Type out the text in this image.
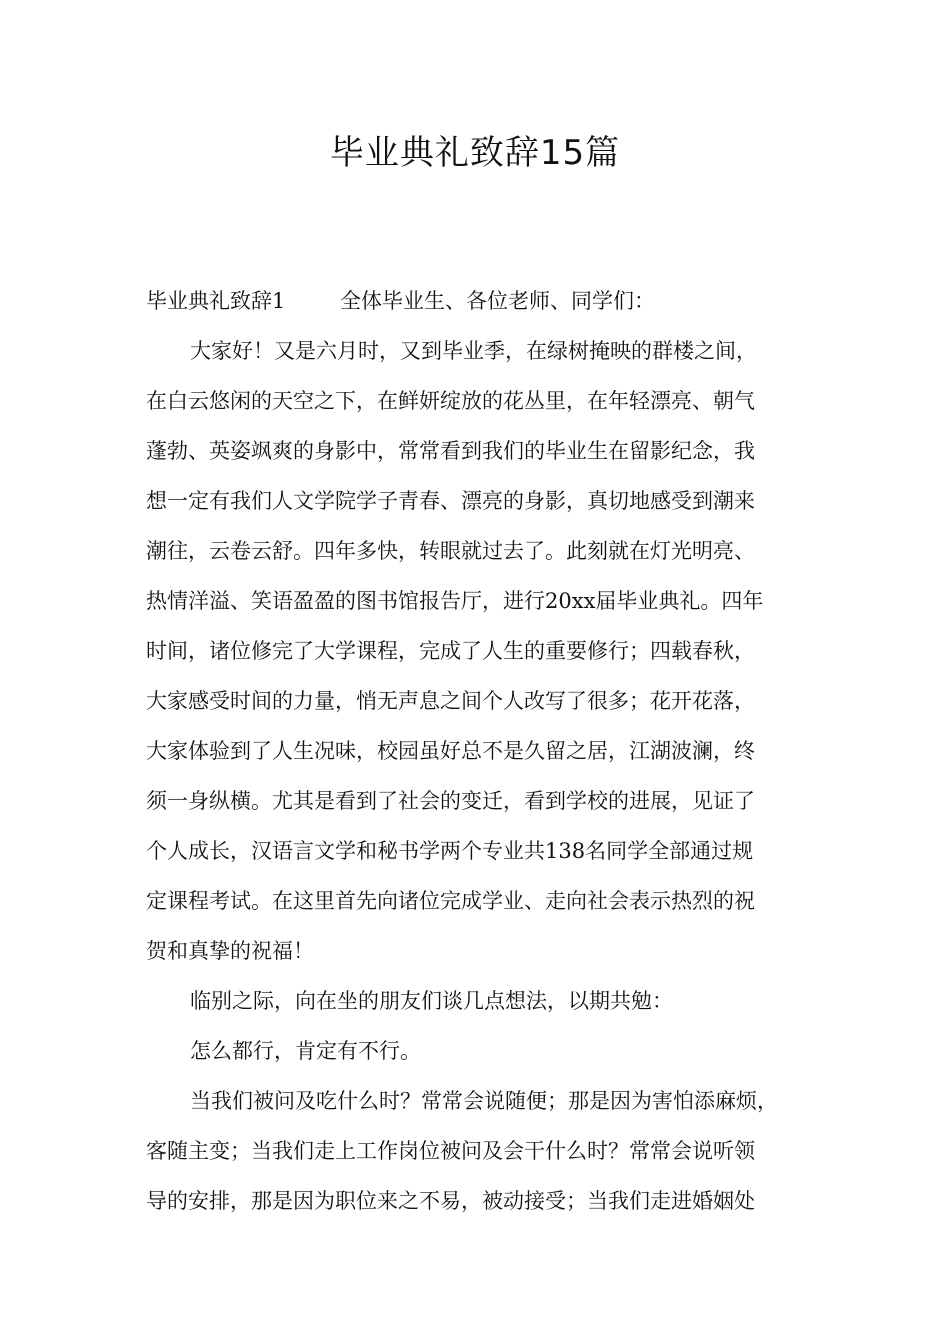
毕业典礼致辞15篇
毕业典礼致辞1	全体毕业生、各位老师、同学们：
大家好！又是六月时，又到毕业季，在绿树掩映的群楼之间，
在白云悠闲的天空之下，在鲜妍绽放的花丛里，在年轻漂亮、朝气
蓬勃、英姿飒爽的身影中，常常看到我们的毕业生在留影纪念，我
想一定有我们人文学院学子青春、漂亮的身影，真切地感受到潮来
潮往，云卷云舒。四年多快，转眼就过去了。此刻就在灯光明亮、
热情洋溢、笑语盈盈的图书馆报告厅，进行20xx届毕业典礼。四年
时间，诸位修完了大学课程，完成了人生的重要修行；四载春秋，
大家感受时间的力量，悄无声息之间个人改写了很多；花开花落，
大家体验到了人生况味，校园虽好总不是久留之居，江湖波澜，终
须一身纵横。尤其是看到了社会的变迁，看到学校的进展，见证了
个人成长，汉语言文学和秘书学两个专业共138名同学全部通过规
定课程考试。在这里首先向诸位完成学业、走向社会表示热烈的祝
贺和真挚的祝福！
临别之际，向在坐的朋友们谈几点想法，以期共勉：
怎么都行，肯定有不行。
当我们被问及吃什么时？常常会说随便；那是因为害怕添麻烦，
客随主变；当我们走上工作岗位被问及会干什么时？常常会说听领
导的安排，那是因为职位来之不易，被动接受；当我们走进婚姻处
